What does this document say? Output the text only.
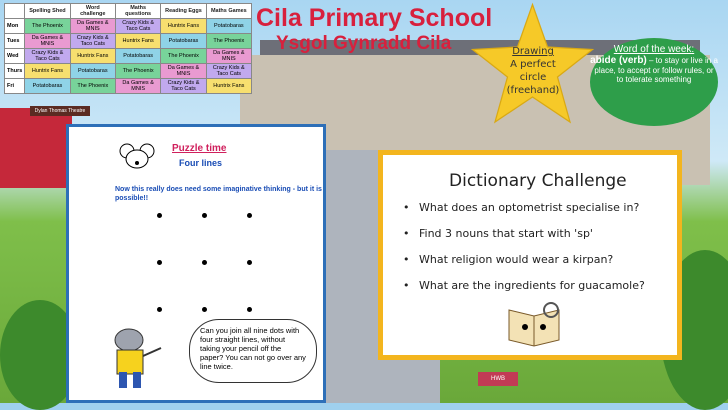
Dylan Thomas Theatre
	Spelling Shed	Word challenge	Maths questions	Reading Eggs	Maths Games
Mon	The Phoenix	Da Games & MNIS	Crazy Kids & Taco Cats	Huntrix Fans	Potatobaras
Tues	Da Games & MNIS	Crazy Kids & Taco Cats	Huntrix Fans	Potatobaras	The Phoenix
Wed	Crazy Kids & Taco Cats	Huntrix Fans	Potatobaras	The Phoenix	Da Games & MNIS
Thurs	Huntrix Fans	Potatobaras	The Phoenix	Da Games & MNIS	Crazy Kids & Taco Cats
Fri	Potatobaras	The Phoenix	Da Games & MNIS	Crazy Kids & Taco Cats	Huntrix Fans
Cila Primary School
Ysgol Gynradd Cila	Drawing
A perfect
circle
(freehand)
Word of the week:
abide (verb) – to stay or live in a place, to accept or follow rules, or to tolerate something
Puzzle time
Four lines
Now this really does need some imaginative thinking - but it is possible!!
Can you join all nine dots with four straight lines, without taking your pencil off the paper? You can not go over any line twice.
Dictionary Challenge
• What does an optometrist specialise in?
• Find 3 nouns that start with 'sp'
• What religion would wear a kirpan?
• What are the ingredients for guacamole?
HWB
